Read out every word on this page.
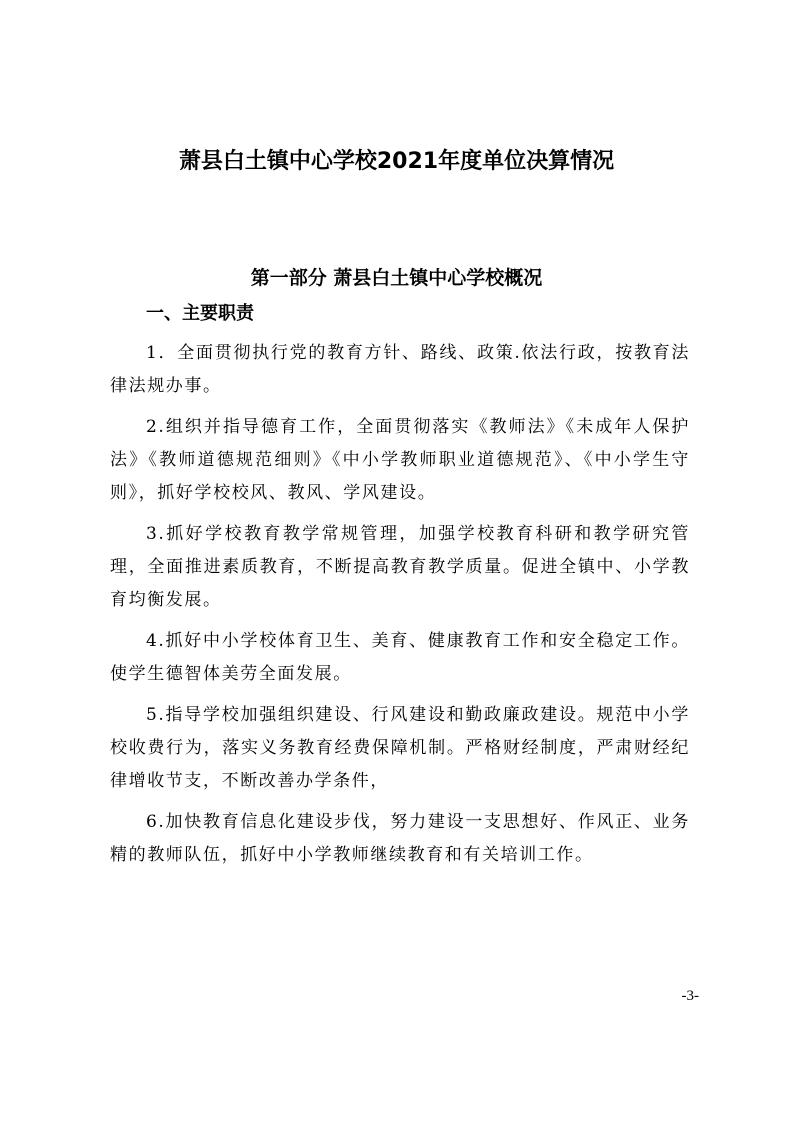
萧县白土镇中心学校2021年度单位决算情况
第一部分 萧县白土镇中心学校概况
一、主要职责

1．全面贯彻执行党的教育方针、路线、政策.依法行政，按教育法律法规办事。

2.组织并指导德育工作，全面贯彻落实《教师法》《未成年人保护法》《教师道德规范细则》《中小学教师职业道德规范》、《中小学生守则》，抓好学校校风、教风、学风建设。

3.抓好学校教育教学常规管理，加强学校教育科研和教学研究管理，全面推进素质教育，不断提高教育教学质量。促进全镇中、小学教育均衡发展。

4.抓好中小学校体育卫生、美育、健康教育工作和安全稳定工作。使学生德智体美劳全面发展。

5.指导学校加强组织建设、行风建设和勤政廉政建设。规范中小学校收费行为，落实义务教育经费保障机制。严格财经制度，严肃财经纪律增收节支，不断改善办学条件，

6.加快教育信息化建设步伐，努力建设一支思想好、作风正、业务精的教师队伍，抓好中小学教师继续教育和有关培训工作。

-3-
